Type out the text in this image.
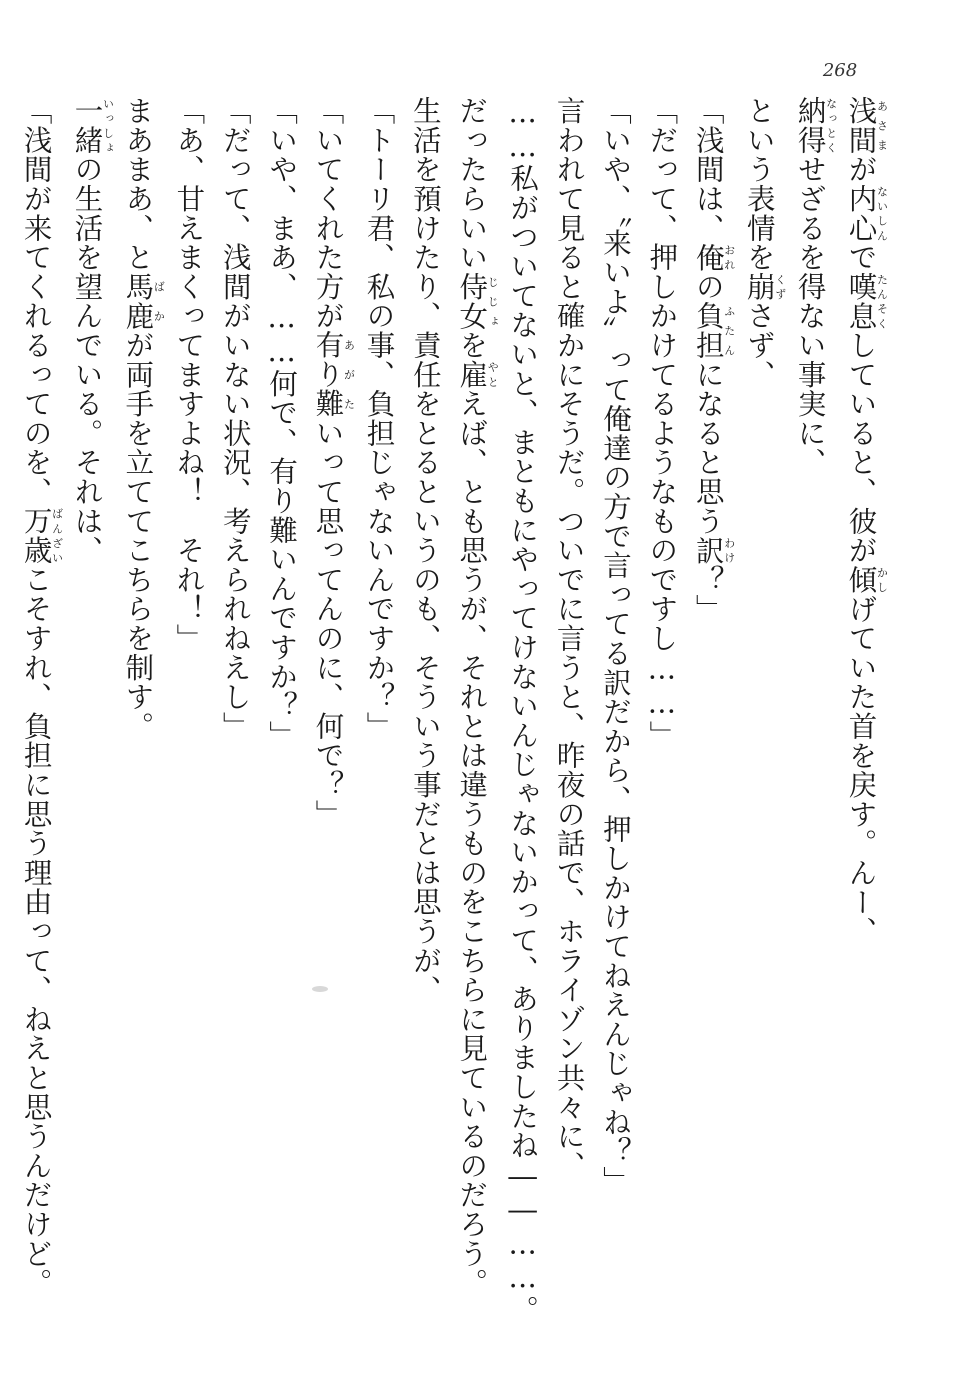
268
浅間あさまが内心ないしんで嘆息たんそくしていると、彼が傾かしげていた首を戻す。んー、
納得なっとくせざるを得ない事実に、
という表情を崩くずさず、
「浅間は、俺おれの負担ふたんになると思う訳わけ？」
「だって、押しかけてるようなものですし……」
「いや、〝来いよ〟って俺達の方で言ってる訳だから、押しかけてねえんじゃね？」
言われて見ると確かにそうだ。ついでに言うと、昨夜の話で、ホライゾン共々に、
……私がついてないと、まともにやってけないんじゃないかって、ありましたね――……。
だったらいい侍女じじょを雇やとえば、とも思うが、それとは違うものをこちらに見ているのだろう。
生活を預けたり、責任をとるというのも、そういう事だとは思うが、
「トーリ君、私の事、負担じゃないんですか？」
「いてくれた方が有り難あがたいって思ってんのに、何で？」
「いや、まあ、……何で、有り難いんですか？」
「だって、浅間がいない状況、考えられねえし」
「あ、甘えまくってますよね！　それ！」
まあまあ、と馬鹿ばかが両手を立ててこちらを制す。
一緒いっしょの生活を望んでいる。それは、
「浅間が来てくれるってのを、万歳ばんざいこそすれ、負担に思う理由って、ねえと思うんだけど。
